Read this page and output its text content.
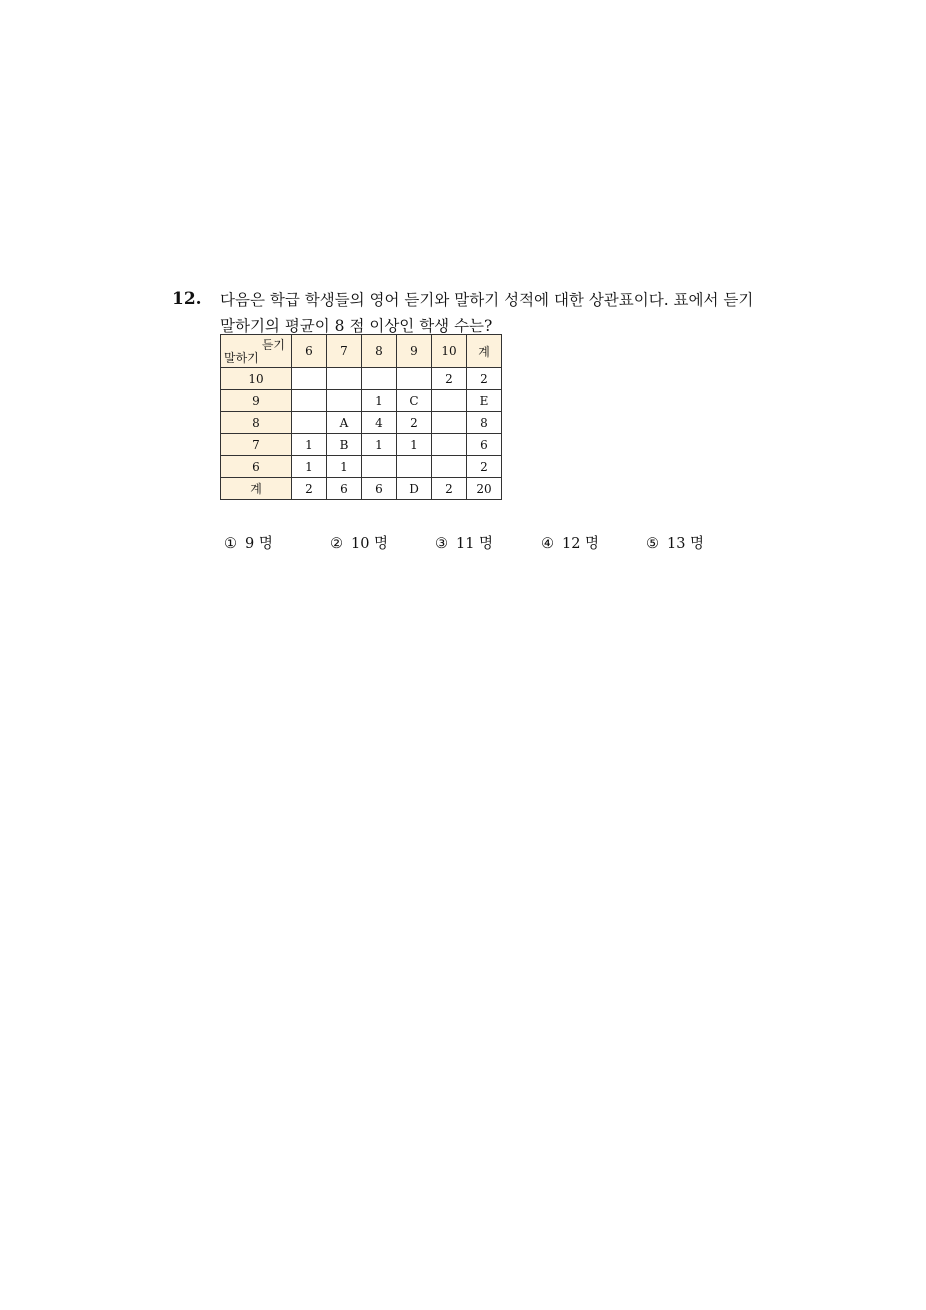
12. 다음은 학급 학생들의 영어 듣기와 말하기 성적에 대한 상관표이다. 표에서 듣기
말하기의 평균이 8 점 이상인 학생 수는?
듣기
말하기	6	7	8	9	10	계
10					2	2
9			1	C		E
8		A	4	2		8
7	1	B	1	1		6
6	1	1				2
계	2	6	6	D	2	20
① 9 명	② 10 명	③ 11 명	④ 12 명	⑤ 13 명
